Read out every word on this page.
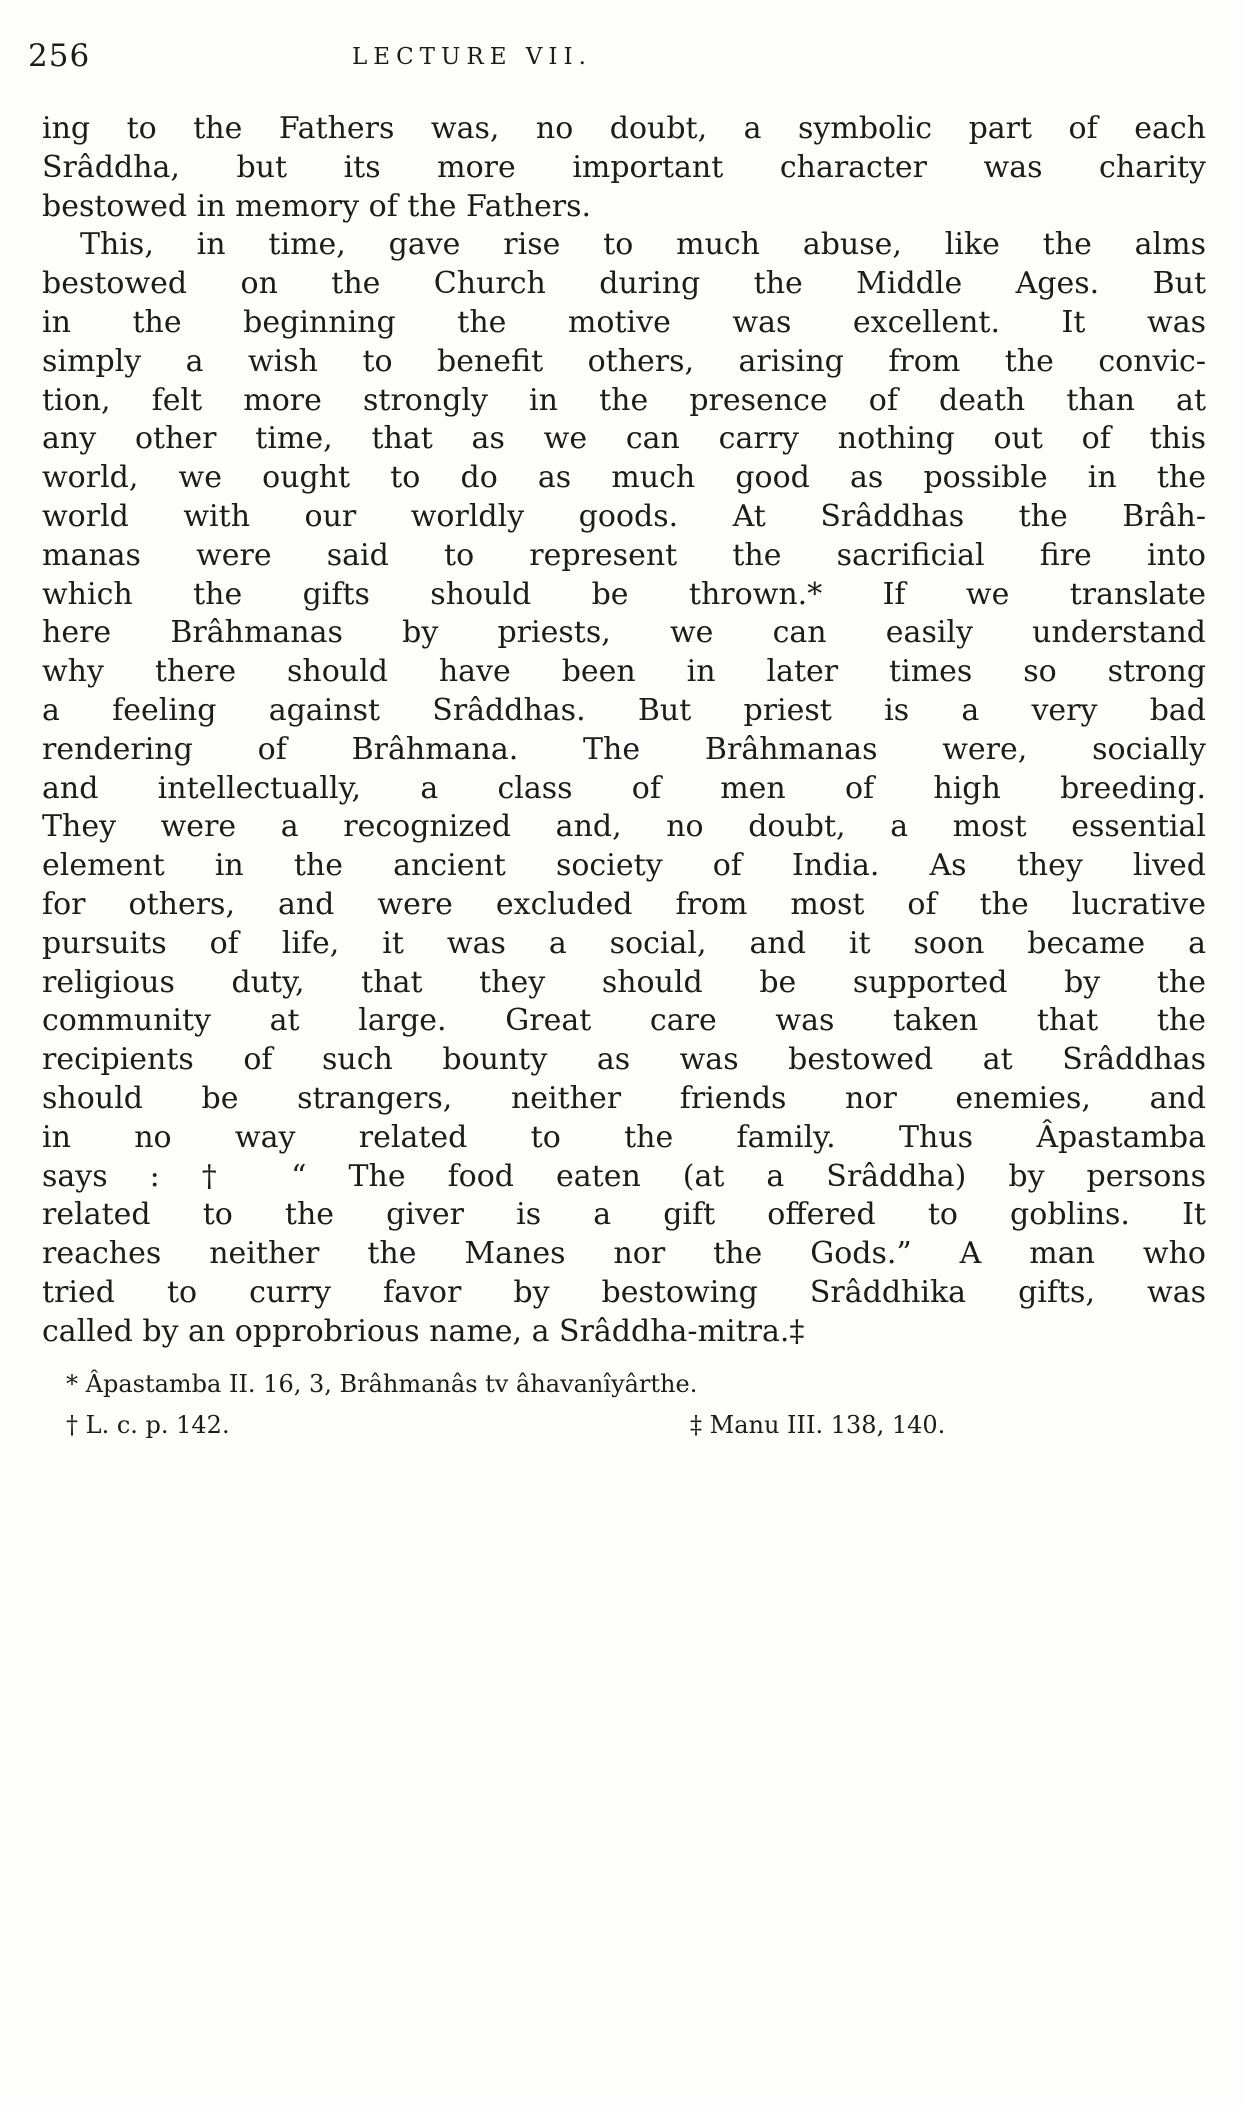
256	LECTURE VII.
ing to the Fathers was, no doubt, a symbolic part of each
Srâddha, but its more important character was charity
bestowed in memory of the Fathers.
This, in time, gave rise to much abuse, like the alms
bestowed on the Church during the Middle Ages. But
in the beginning the motive was excellent. It was
simply a wish to benefit others, arising from the convic-
tion, felt more strongly in the presence of death than at
any other time, that as we can carry nothing out of this
world, we ought to do as much good as possible in the
world with our worldly goods. At Srâddhas the Brâh-
manas were said to represent the sacrificial fire into
which the gifts should be thrown.* If we translate
here Brâhmanas by priests, we can easily understand
why there should have been in later times so strong
a feeling against Srâddhas. But priest is a very bad
rendering of Brâhmana. The Brâhmanas were, socially
and intellectually, a class of men of high breeding.
They were a recognized and, no doubt, a most essential
element in the ancient society of India. As they lived
for others, and were excluded from most of the lucrative
pursuits of life, it was a social, and it soon became a
religious duty, that they should be supported by the
community at large. Great care was taken that the
recipients of such bounty as was bestowed at Srâddhas
should be strangers, neither friends nor enemies, and
in no way related to the family. Thus Âpastamba
says : † “ The food eaten (at a Srâddha) by persons
related to the giver is a gift offered to goblins. It
reaches neither the Manes nor the Gods.” A man who
tried to curry favor by bestowing Srâddhika gifts, was
called by an opprobrious name, a Srâddha-mitra.‡
* Âpastamba II. 16, 3, Brâhmanâs tv âhavanîyârthe.
† L. c. p. 142.	‡ Manu III. 138, 140.
